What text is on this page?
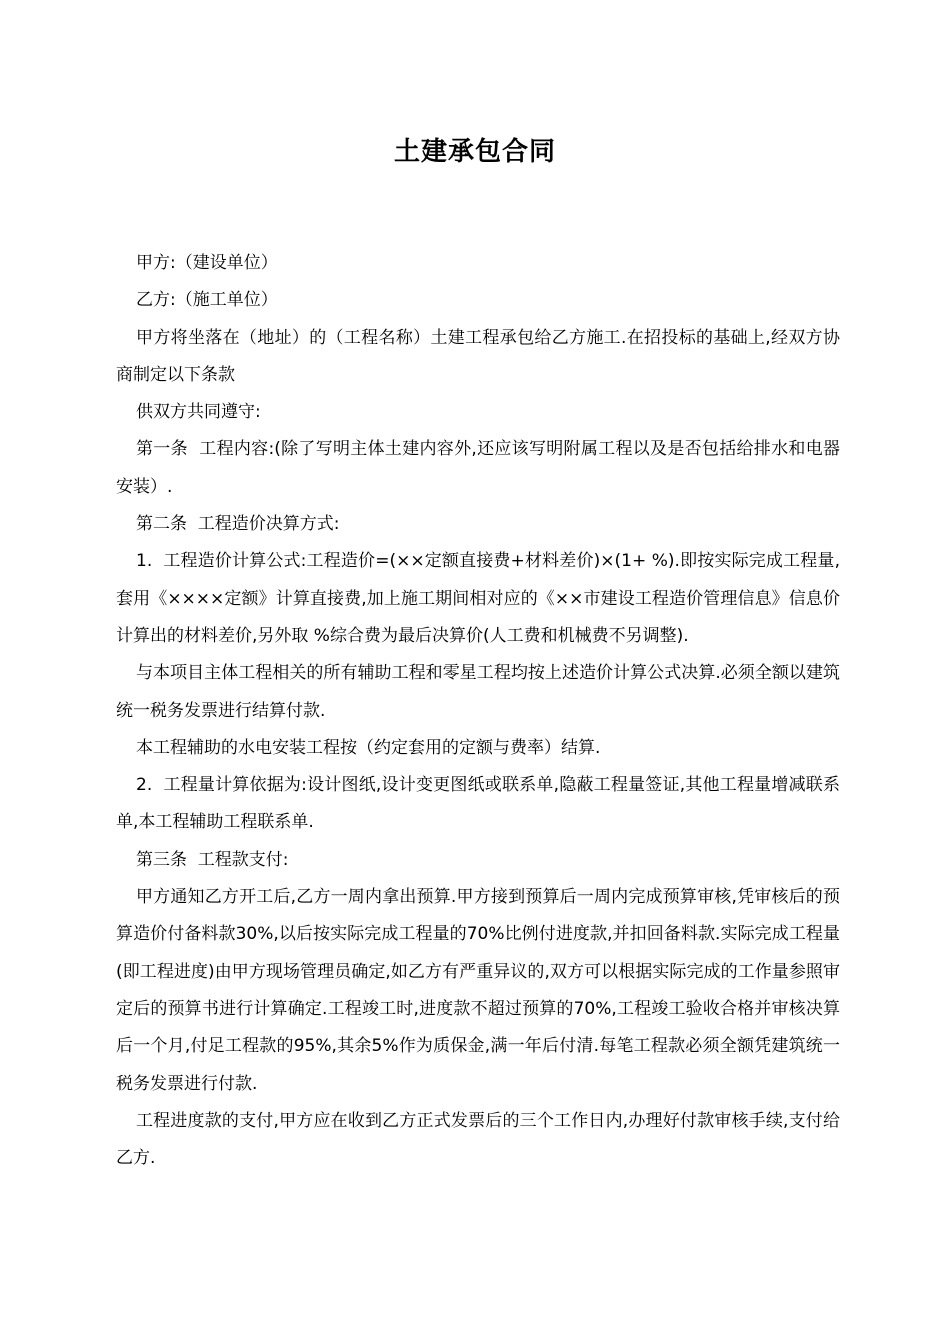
土建承包合同

甲方:（建设单位）

乙方:（施工单位）

甲方将坐落在（地址）的（工程名称）土建工程承包给乙方施工.在招投标的基础上,经双方协商制定以下条款

供双方共同遵守:

第一条  工程内容:(除了写明主体土建内容外,还应该写明附属工程以及是否包括给排水和电器安装）.

第二条  工程造价决算方式:

1.  工程造价计算公式:工程造价=(××定额直接费+材料差价)×(1+ %).即按实际完成工程量,套用《××××定额》计算直接费,加上施工期间相对应的《××市建设工程造价管理信息》信息价计算出的材料差价,另外取 %综合费为最后决算价(人工费和机械费不另调整).

与本项目主体工程相关的所有辅助工程和零星工程均按上述造价计算公式决算.必须全额以建筑统一税务发票进行结算付款.

本工程辅助的水电安装工程按（约定套用的定额与费率）结算.

2.  工程量计算依据为:设计图纸,设计变更图纸或联系单,隐蔽工程量签证,其他工程量增减联系单,本工程辅助工程联系单.

第三条  工程款支付:

甲方通知乙方开工后,乙方一周内拿出预算.甲方接到预算后一周内完成预算审核,凭审核后的预算造价付备料款30%,以后按实际完成工程量的70%比例付进度款,并扣回备料款.实际完成工程量(即工程进度)由甲方现场管理员确定,如乙方有严重异议的,双方可以根据实际完成的工作量参照审定后的预算书进行计算确定.工程竣工时,进度款不超过预算的70%,工程竣工验收合格并审核决算后一个月,付足工程款的95%,其余5%作为质保金,满一年后付清.每笔工程款必须全额凭建筑统一税务发票进行付款.

工程进度款的支付,甲方应在收到乙方正式发票后的三个工作日内,办理好付款审核手续,支付给乙方.
